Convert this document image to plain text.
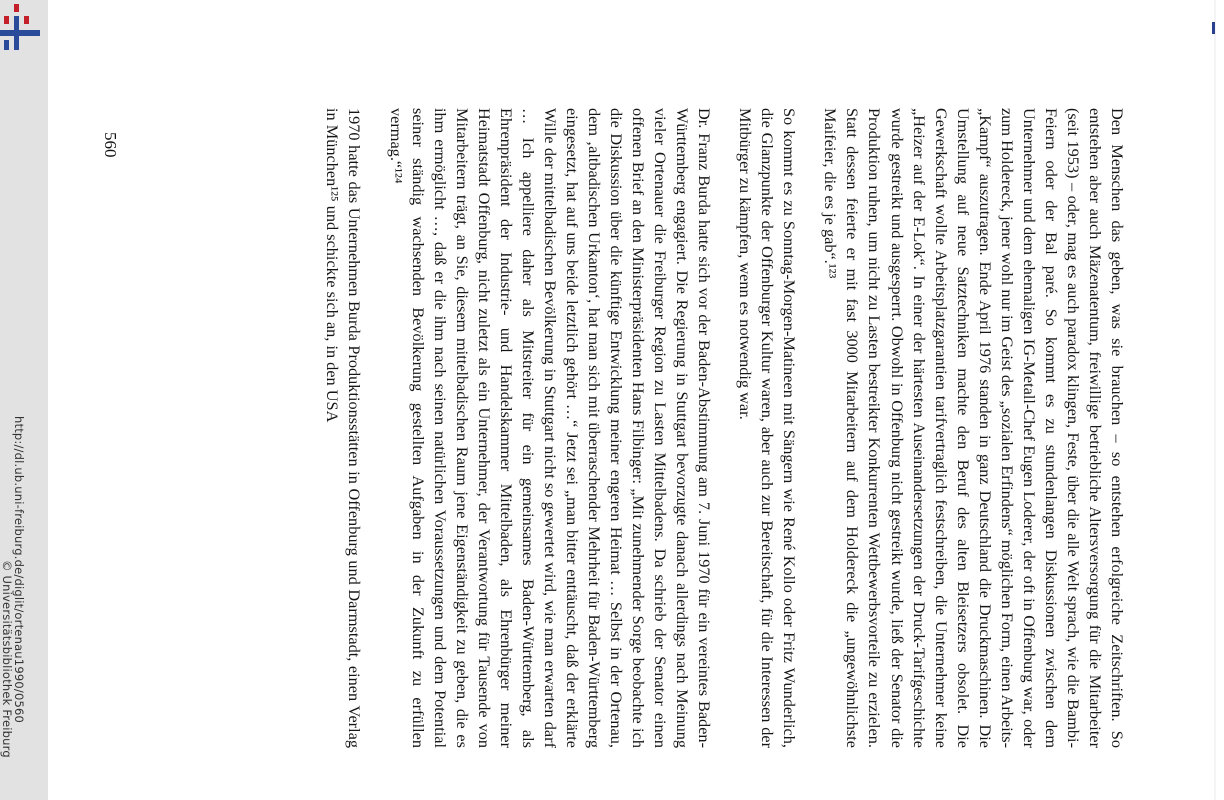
http://dl.ub.uni-freiburg.de/diglit/ortenau1990/0560
© Universitätsbibliothek Freiburg
560	Den Menschen das geben, was sie brauchen – so entstehen erfolgreiche Zeitschriften. So entstehen aber auch Mäzenatentum, freiwillige betriebliche Altersversorgung für die Mitarbeiter (seit 1953) – oder, mag es auch paradox klingen, Feste, über die alle Welt sprach, wie die Bambi-Feiern oder der Bal paré. So kommt es zu stundenlangen Diskussionen zwischen dem Unternehmer und dem ehemaligen IG-Metall-Chef Eugen Loderer, der oft in Offenburg war, oder zum Holdereck, jener wohl nur im Geist des „sozialen Erfindens“ möglichen Form, einen Arbeits-„Kampf“ auszutragen. Ende April 1976 standen in ganz Deutschland die Druckmaschinen. Die Umstellung auf neue Satztechniken machte den Beruf des alten Bleisetzers obsolet. Die Gewerkschaft wollte Arbeitsplatzgarantien tarifvertraglich festschreiben, die Unternehmer keine „Heizer auf der E-Lok“. In einer der härtesten Auseinandersetzungen der Druck-Tarifgeschichte wurde gestreikt und ausgesperrt. Obwohl in Offenburg nicht gestreikt wurde, ließ der Senator die Produktion ruhen, um nicht zu Lasten bestreikter Konkurrenten Wettbewerbsvorteile zu erzielen. Statt dessen feierte er mit fast 3000 Mitarbeitern auf dem Holdereck die „ungewöhnlichste Maifeier, die es je gab“.¹²³

So kommt es zu Sonntag-Morgen-Matineen mit Sängern wie René Kollo oder Fritz Wunderlich, die Glanzpunkte der Offenburger Kultur waren, aber auch zur Bereitschaft, für die Interessen der Mitbürger zu kämpfen, wenn es notwendig war.

Dr. Franz Burda hatte sich vor der Baden-Abstimmung am 7. Juni 1970 für ein vereintes Baden-Württemberg engagiert. Die Regierung in Stuttgart bevorzugte danach allerdings nach Meinung vieler Ortenauer die Freiburger Region zu Lasten Mittelbadens. Da schrieb der Senator einen offenen Brief an den Ministerpräsidenten Hans Filbinger: „Mit zunehmender Sorge beobachte ich die Diskussion über die künftige Entwicklung meiner engeren Heimat … Selbst in der Ortenau, dem ‚altbadischen Urkanton‘, hat man sich mit überraschender Mehrheit für Baden-Württemberg eingesetzt, hat auf uns beide letztlich gehört …“ Jetzt sei „man bitter enttäuscht, daß der erklärte Wille der mittelbadischen Bevölkerung in Stuttgart nicht so gewertet wird, wie man erwarten darf … Ich appelliere daher als Mitstreiter für ein gemeinsames Baden-Württemberg, als Ehrenpräsident der Industrie- und Handelskammer Mittelbaden, als Ehrenbürger meiner Heimatstadt Offenburg, nicht zuletzt als ein Unternehmer, der Verantwortung für Tausende von Mitarbeitern trägt, an Sie, diesem mittelbadischen Raum jene Eigenständigkeit zu geben, die es ihm ermöglicht …, daß er die ihm nach seinen natürlichen Voraussetzungen und dem Potential seiner ständig wachsenden Bevölkerung gestellten Aufgaben in der Zukunft zu erfüllen vermag.“¹²⁴

1970 hatte das Unternehmen Burda Produktionsstätten in Offenburg und Darmstadt, einen Verlag in München¹²⁵ und schickte sich an, in den USA
